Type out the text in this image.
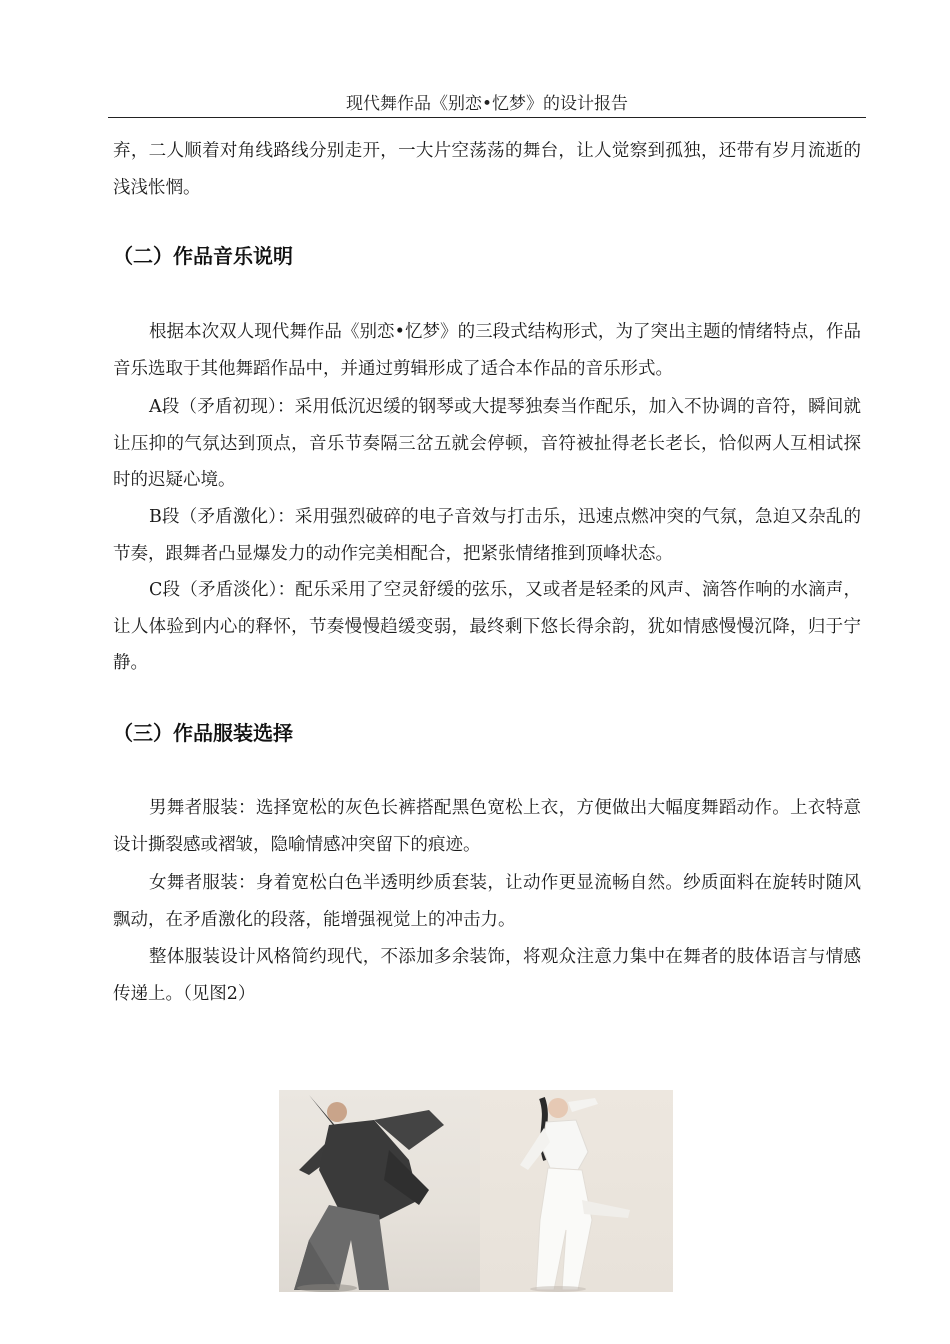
现代舞作品《别恋•忆梦》的设计报告

弃，二人顺着对角线路线分别走开，一大片空荡荡的舞台，让人觉察到孤独，还带有岁月流逝的浅浅怅惘。

（二）作品音乐说明

根据本次双人现代舞作品《别恋•忆梦》的三段式结构形式，为了突出主题的情绪特点，作品音乐选取于其他舞蹈作品中，并通过剪辑形成了适合本作品的音乐形式。

A段（矛盾初现）：采用低沉迟缓的钢琴或大提琴独奏当作配乐，加入不协调的音符，瞬间就让压抑的气氛达到顶点，音乐节奏隔三岔五就会停顿，音符被扯得老长老长，恰似两人互相试探时的迟疑心境。

B段（矛盾激化）：采用强烈破碎的电子音效与打击乐，迅速点燃冲突的气氛，急迫又杂乱的节奏，跟舞者凸显爆发力的动作完美相配合，把紧张情绪推到顶峰状态。

C段（矛盾淡化）：配乐采用了空灵舒缓的弦乐，又或者是轻柔的风声、滴答作响的水滴声，让人体验到内心的释怀，节奏慢慢趋缓变弱，最终剩下悠长得余韵，犹如情感慢慢沉降，归于宁静。

（三）作品服装选择

男舞者服装：选择宽松的灰色长裤搭配黑色宽松上衣，方便做出大幅度舞蹈动作。上衣特意设计撕裂感或褶皱，隐喻情感冲突留下的痕迹。

女舞者服装：身着宽松白色半透明纱质套装，让动作更显流畅自然。纱质面料在旋转时随风飘动，在矛盾激化的段落，能增强视觉上的冲击力。

整体服装设计风格简约现代，不添加多余装饰，将观众注意力集中在舞者的肢体语言与情感传递上。（见图2）
